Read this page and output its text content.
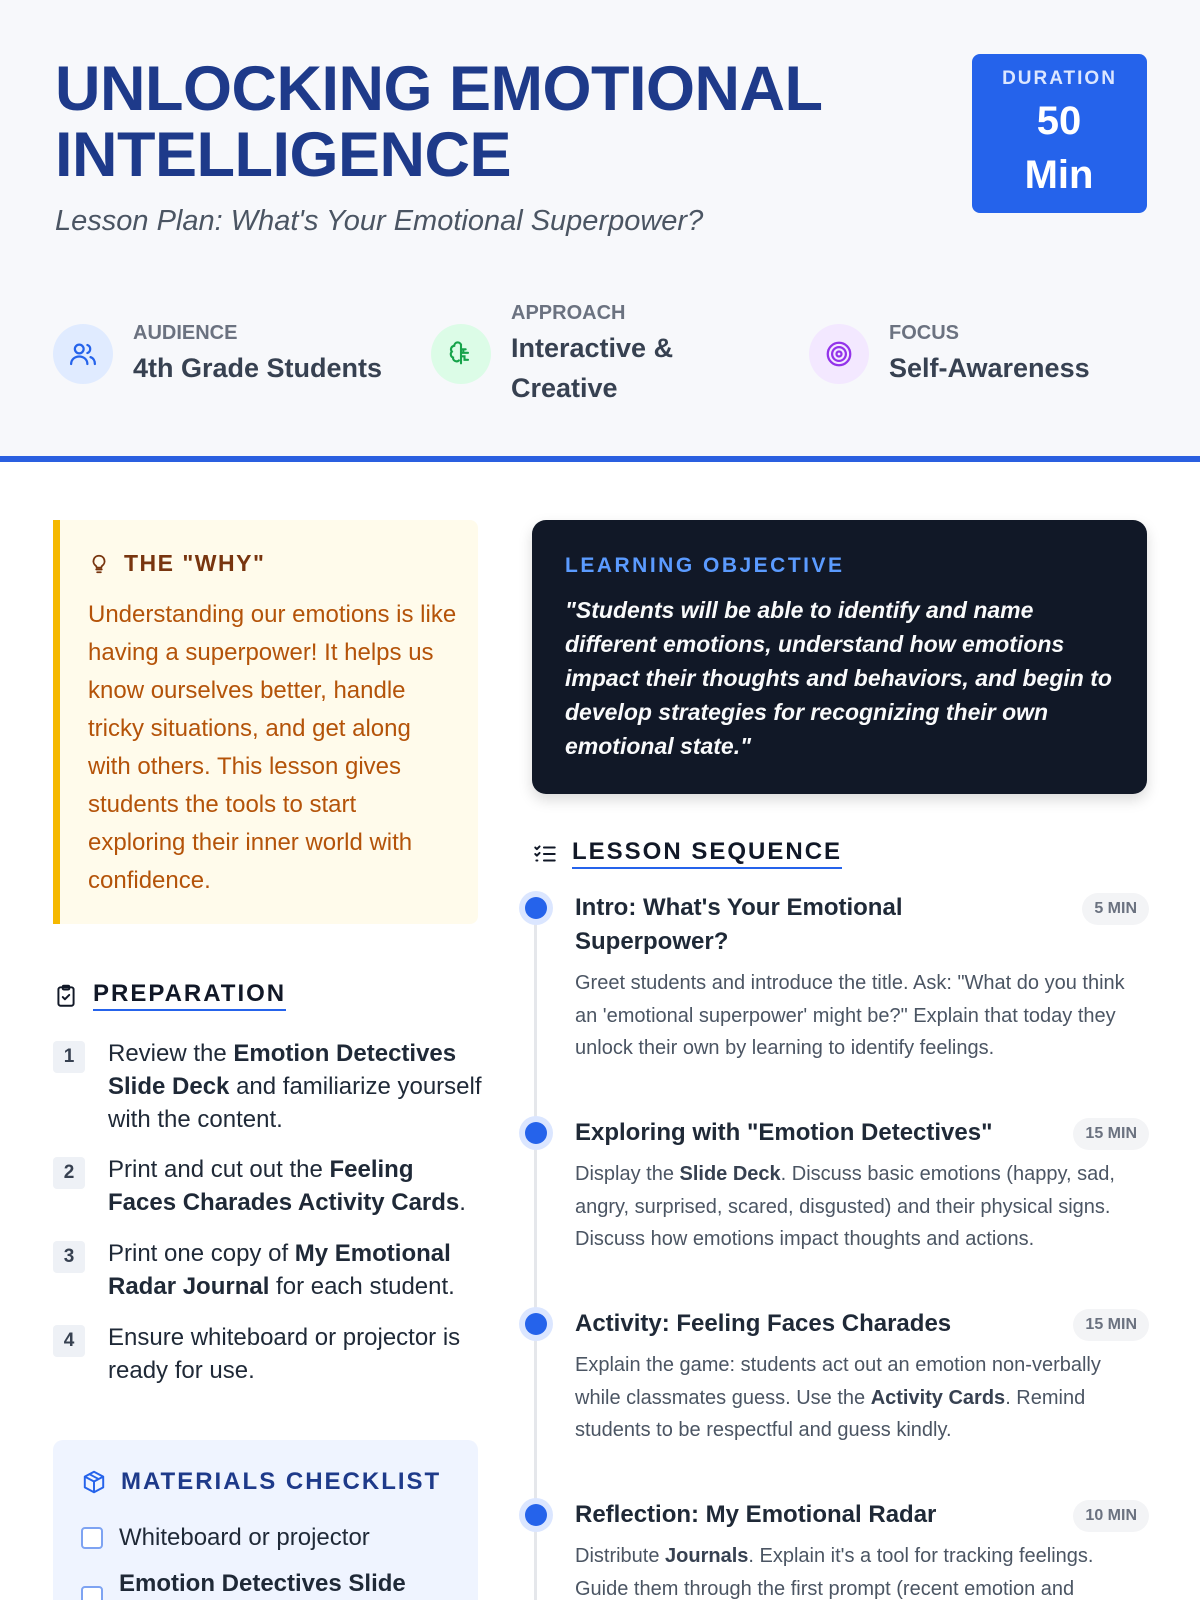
UNLOCKING EMOTIONAL INTELLIGENCE
Lesson Plan: What's Your Emotional Superpower?
DURATION
50 Min
AUDIENCE
4th Grade Students
APPROACH
Interactive & Creative
FOCUS
Self-Awareness
THE "WHY"

Understanding our emotions is like having a superpower! It helps us know ourselves better, handle tricky situations, and get along with others. This lesson gives students the tools to start exploring their inner world with confidence.

PREPARATION
1	Review the Emotion Detectives Slide Deck and familiarize yourself with the content.
2	Print and cut out the Feeling Faces Charades Activity Cards.
3	Print one copy of My Emotional Radar Journal for each student.
4	Ensure whiteboard or projector is ready for use.
MATERIALS CHECKLIST
Whiteboard or projector
Emotion Detectives Slide
LEARNING OBJECTIVE

"Students will be able to identify and name different emotions, understand how emotions impact their thoughts and behaviors, and begin to develop strategies for recognizing their own emotional state."

LESSON SEQUENCE
Intro: What's Your Emotional Superpower?
5 MIN
Greet students and introduce the title. Ask: "What do you think an 'emotional superpower' might be?" Explain that today they unlock their own by learning to identify feelings.
Exploring with "Emotion Detectives"	15 MIN
Display the Slide Deck. Discuss basic emotions (happy, sad, angry, surprised, scared, disgusted) and their physical signs. Discuss how emotions impact thoughts and actions.
Activity: Feeling Faces Charades	15 MIN
Explain the game: students act out an emotion non-verbally while classmates guess. Use the Activity Cards. Remind students to be respectful and guess kindly.
Reflection: My Emotional Radar	10 MIN
Distribute Journals. Explain it's a tool for tracking feelings. Guide them through the first prompt (recent emotion and
